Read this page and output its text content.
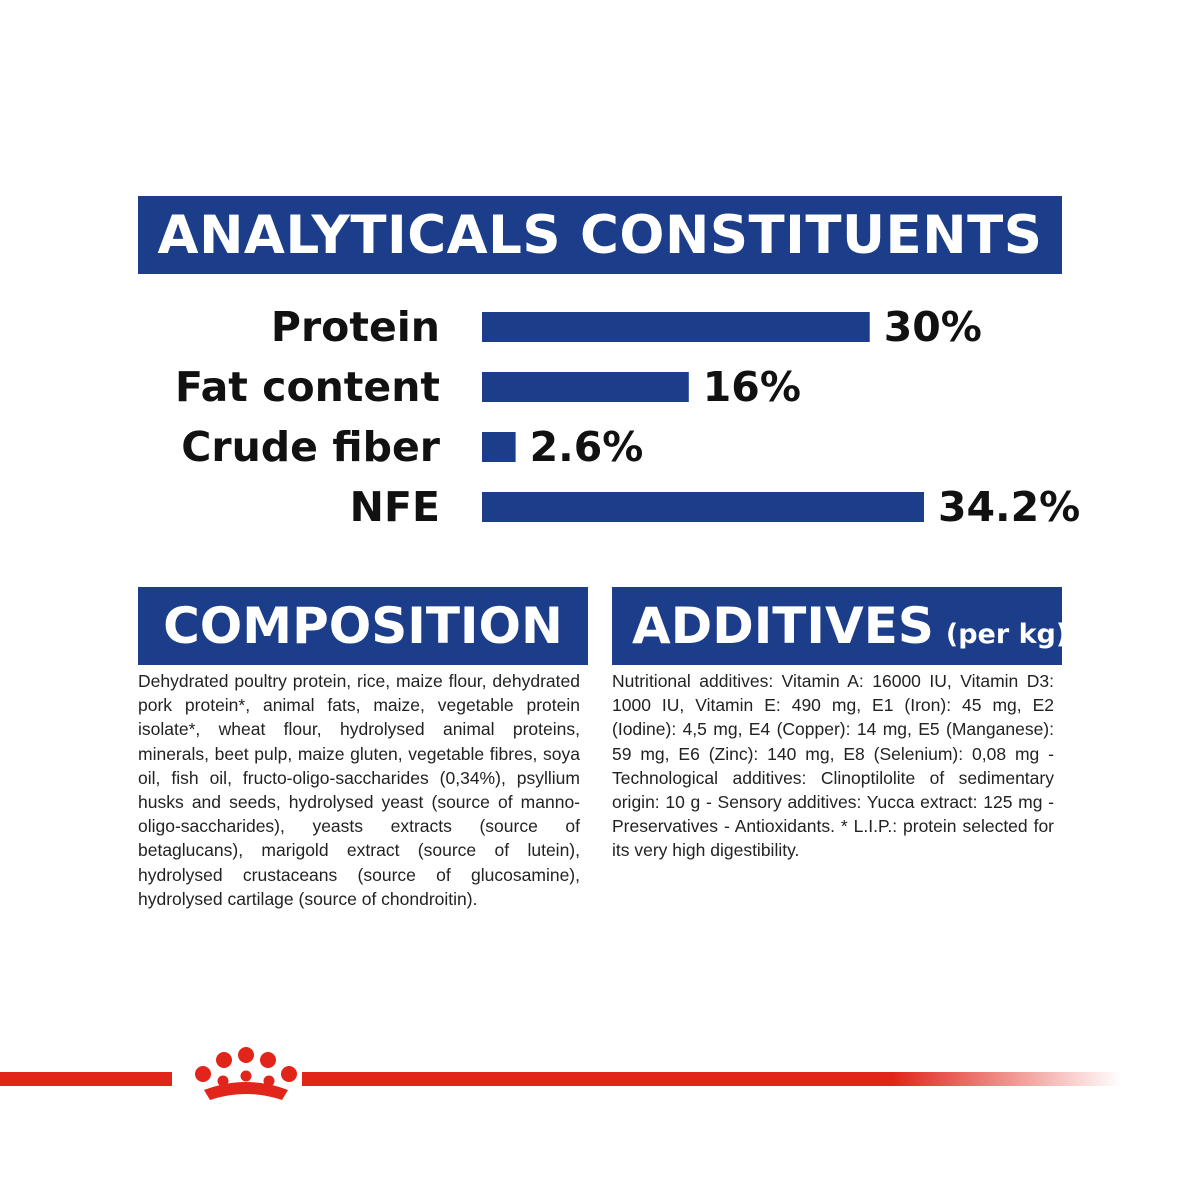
ANALYTICALS CONSTITUENTS
Protein	30%
Fat content	16%
Crude fiber 2.6%
NFE	34.2%
COMPOSITION

Dehydrated poultry protein, rice, maize flour, dehydrated pork protein*, animal fats, maize, vegetable protein isolate*, wheat flour, hydrolysed animal proteins, minerals, beet pulp, maize gluten, vegetable fibres, soya oil, fish oil, fructo-oligo-saccharides (0,34%), psyllium husks and seeds, hydrolysed yeast (source of manno-oligo-saccharides), yeasts extracts (source of betaglucans), marigold extract (source of lutein), hydrolysed crustaceans (source of glucosamine), hydrolysed cartilage (source of chondroitin).

ADDITIVES (per kg)

Nutritional additives: Vitamin A: 16000 IU, Vitamin D3: 1000 IU, Vitamin E: 490 mg, E1 (Iron): 45 mg, E2 (Iodine): 4,5 mg, E4 (Copper): 14 mg, E5 (Manganese): 59 mg, E6 (Zinc): 140 mg, E8 (Selenium): 0,08 mg - Technological additives: Clinoptilolite of sedimentary origin: 10 g - Sensory additives: Yucca extract: 125 mg - Preservatives - Antioxidants. * L.I.P.: protein selected for its very high digestibility.
